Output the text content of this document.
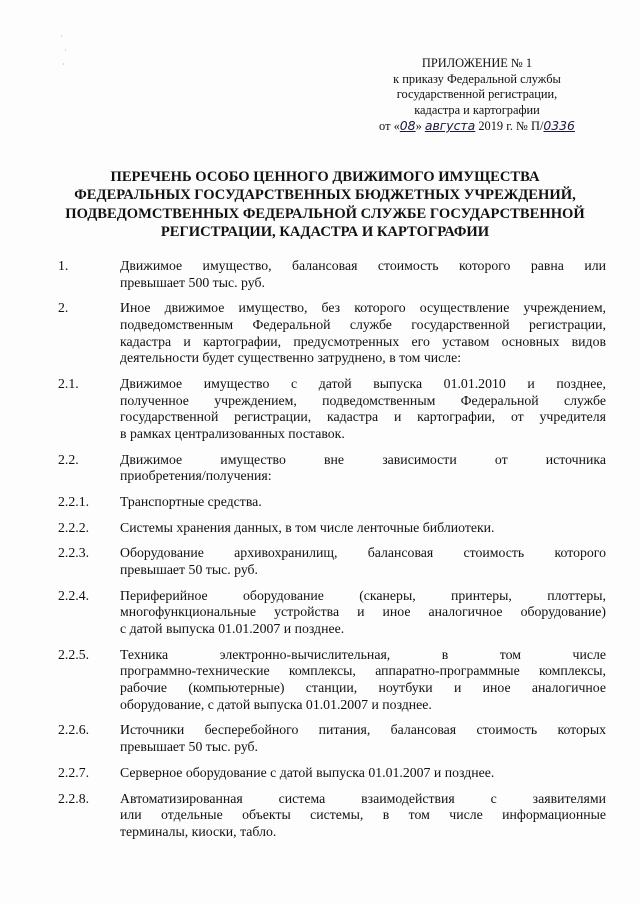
·
·
·	ПРИЛОЖЕНИЕ № 1
к приказу Федеральной службы
государственной регистрации,
кадастра и картографии
от «08» августа 2019 г. № П/0336
ПЕРЕЧЕНЬ ОСОБО ЦЕННОГО ДВИЖИМОГО ИМУЩЕСТВА
ФЕДЕРАЛЬНЫХ ГОСУДАРСТВЕННЫХ БЮДЖЕТНЫХ УЧРЕЖДЕНИЙ,
ПОДВЕДОМСТВЕННЫХ ФЕДЕРАЛЬНОЙ СЛУЖБЕ ГОСУДАРСТВЕННОЙ
РЕГИСТРАЦИИ, КАДАСТРА И КАРТОГРАФИИ
1.	Движимое имущество, балансовая стоимость которого равна или
превышает 500 тыс. руб.
2.	Иное движимое имущество, без которого осуществление учреждением,
подведомственным Федеральной службе государственной регистрации,
кадастра и картографии, предусмотренных его уставом основных видов
деятельности будет существенно затруднено, в том числе:
2.1.	Движимое имущество с датой выпуска 01.01.2010 и позднее,
полученное учреждением, подведомственным Федеральной службе
государственной регистрации, кадастра и картографии, от учредителя
в рамках централизованных поставок.
2.2.	Движимое имущество вне зависимости от источника
приобретения/получения:
2.2.1. Транспортные средства.
2.2.2. Системы хранения данных, в том числе ленточные библиотеки.
2.2.3. Оборудование архивохранилищ, балансовая стоимость которого
превышает 50 тыс. руб.
2.2.4. Периферийное оборудование (сканеры, принтеры, плоттеры,
многофункциональные устройства и иное аналогичное оборудование)
с датой выпуска 01.01.2007 и позднее.
2.2.5. Техника электронно-вычислительная, в том числе
программно-технические комплексы, аппаратно-программные комплексы,
рабочие (компьютерные) станции, ноутбуки и иное аналогичное
оборудование, с датой выпуска 01.01.2007 и позднее.
2.2.6. Источники бесперебойного питания, балансовая стоимость которых
превышает 50 тыс. руб.
2.2.7. Серверное оборудование с датой выпуска 01.01.2007 и позднее.
2.2.8. Автоматизированная система взаимодействия с заявителями
или отдельные объекты системы, в том числе информационные
терминалы, киоски, табло.
